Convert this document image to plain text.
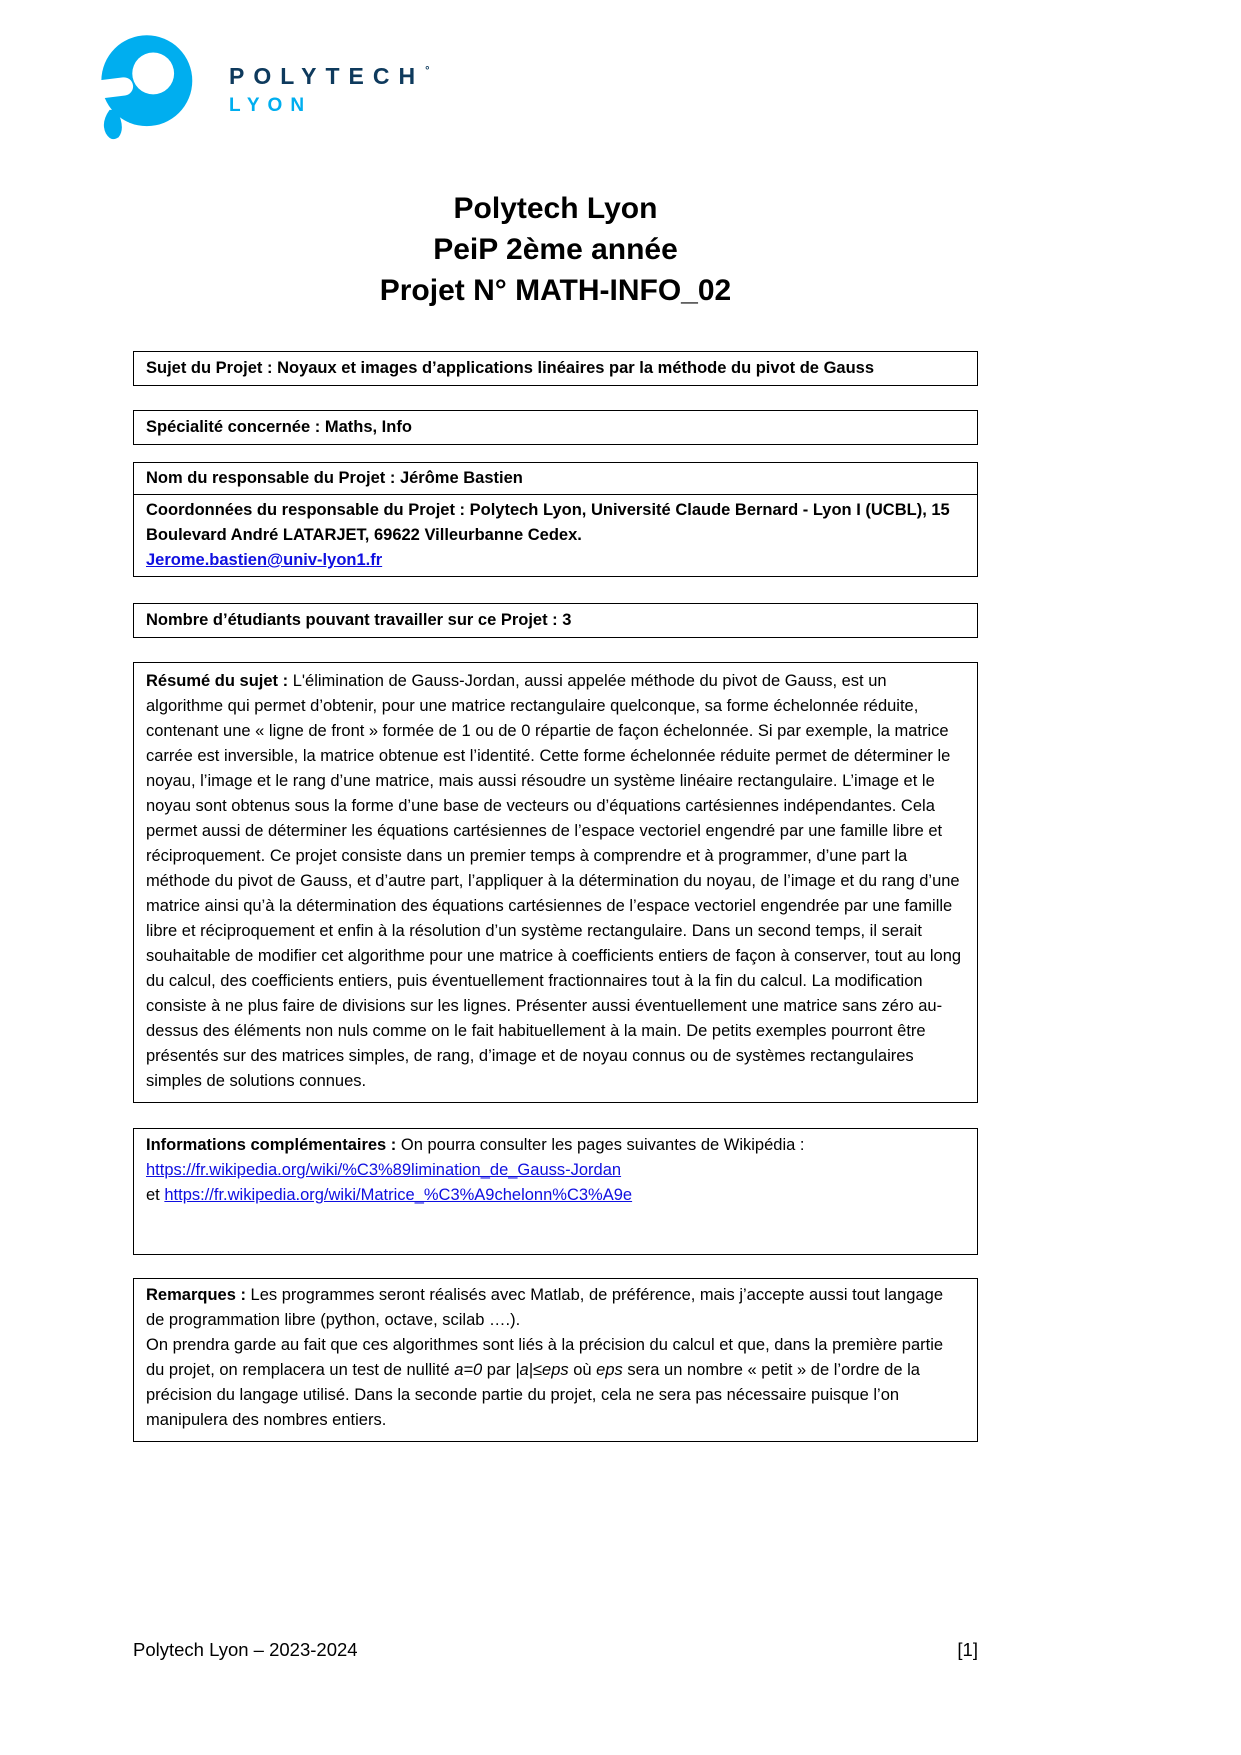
POLYTECH°
LYON
Polytech Lyon
PeiP 2ème année
Projet N° MATH-INFO_02

Sujet du Projet : Noyaux et images d’applications linéaires par la méthode du pivot de Gauss

Spécialité concernée : Maths, Info

Nom du responsable du Projet : Jérôme Bastien

Coordonnées du responsable du Projet : Polytech Lyon, Université Claude Bernard - Lyon I (UCBL), 15 Boulevard André LATARJET, 69622 Villeurbanne Cedex.

Jerome.bastien@univ-lyon1.fr

Nombre d’étudiants pouvant travailler sur ce Projet : 3

Résumé du sujet : L'élimination de Gauss-Jordan, aussi appelée méthode du pivot de Gauss, est un algorithme qui permet d’obtenir, pour une matrice rectangulaire quelconque, sa forme échelonnée réduite, contenant une « ligne de front » formée de 1 ou de 0 répartie de façon échelonnée. Si par exemple, la matrice carrée est inversible, la matrice obtenue est l’identité. Cette forme échelonnée réduite permet de déterminer le noyau, l’image et le rang d’une matrice, mais aussi résoudre un système linéaire rectangulaire. L’image et le noyau sont obtenus sous la forme d’une base de vecteurs ou d’équations cartésiennes indépendantes. Cela permet aussi de déterminer les équations cartésiennes de l’espace vectoriel engendré par une famille libre et réciproquement. Ce projet consiste dans un premier temps à comprendre et à programmer, d’une part la méthode du pivot de Gauss, et d’autre part, l’appliquer à la détermination du noyau, de l’image et du rang d’une matrice ainsi qu’à la détermination des équations cartésiennes de l’espace vectoriel engendrée par une famille libre et réciproquement et enfin à la résolution d’un système rectangulaire. Dans un second temps, il serait souhaitable de modifier cet algorithme pour une matrice à coefficients entiers de façon à conserver, tout au long du calcul, des coefficients entiers, puis éventuellement fractionnaires tout à la fin du calcul. La modification consiste à ne plus faire de divisions sur les lignes. Présenter aussi éventuellement une matrice sans zéro au-dessus des éléments non nuls comme on le fait habituellement à la main. De petits exemples pourront être présentés sur des matrices simples, de rang, d’image et de noyau connus ou de systèmes rectangulaires simples de solutions connues.

Informations complémentaires : On pourra consulter les pages suivantes de Wikipédia :

https://fr.wikipedia.org/wiki/%C3%89limination_de_Gauss-Jordan

et https://fr.wikipedia.org/wiki/Matrice_%C3%A9chelonn%C3%A9e

Remarques : Les programmes seront réalisés avec Matlab, de préférence, mais j’accepte aussi tout langage de programmation libre (python, octave, scilab ….).

On prendra garde au fait que ces algorithmes sont liés à la précision du calcul et que, dans la première partie du projet, on remplacera un test de nullité a=0 par |a|≤eps où eps sera un nombre « petit » de l’ordre de la précision du langage utilisé. Dans la seconde partie du projet, cela ne sera pas nécessaire puisque l’on manipulera des nombres entiers.

Polytech Lyon – 2023-2024	[1]
